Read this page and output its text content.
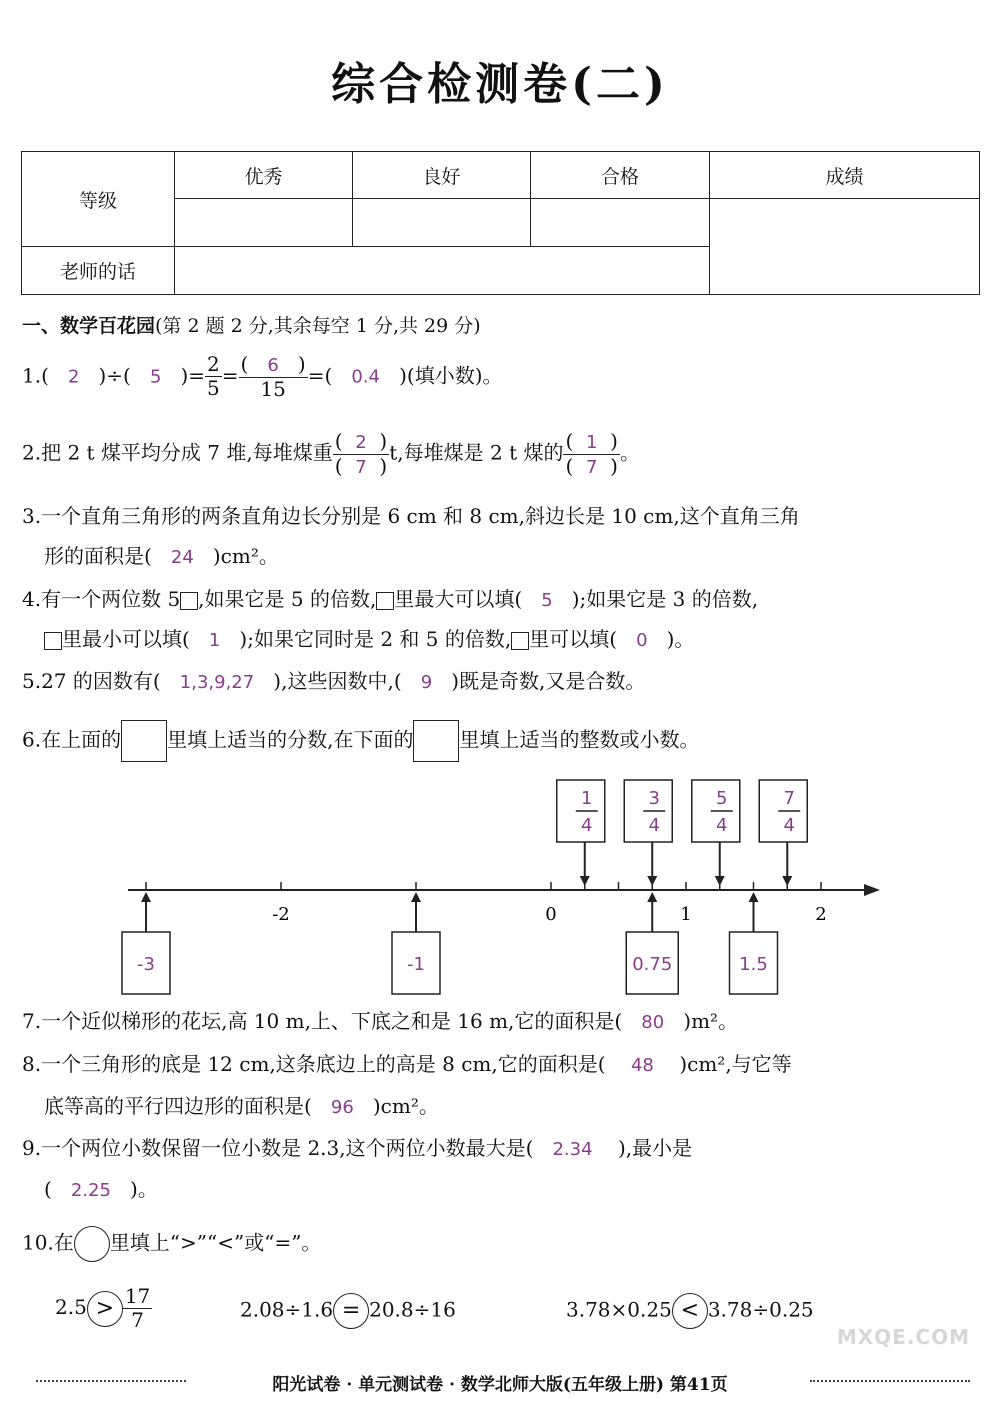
综合检测卷(二)
等级	优秀	良好	合格	成绩

老师的话				
一、数学百花园(第 2 题 2 分,其余每空 1 分,共 29 分)
1.(   2   )÷(   5   )= $\frac{2}{5} = \frac{( 6 )}{15}$ =(   0.4   )(填小数)。
2.把 2 t 煤平均分成 7 堆,每堆煤重 $\frac{( 2 )}{( 7 )} t$,每堆煤是 2 t 煤的 $\frac{( 1 )}{( 7 )}$ 。
3.一个直角三角形的两条直角边长分别是 6 cm 和 8 cm,斜边长是 10 cm,这个直角三角
形的面积是( 24 )cm²。
4.有一个两位数 5 ,如果它是 5 的倍数, 里最大可以填( 5 );如果它是 3 的倍数,
里最小可以填( 1 );如果它同时是 2 和 5 的倍数, 里可以填( 0 )。
5.27 的因数有( 1,3,9,27 ),这些因数中,( 9 )既是奇数,又是合数。
6.在上面的 里填上适当的分数,在下面的 里填上适当的整数或小数。
-2	0	1	2
1
4
3
4
5
4
7
4
-3	-1	0.75	1.5
7.一个近似梯形的花坛,高 10 m,上、下底之和是 16 m,它的面积是( 80 )m²。
8.一个三角形的底是 12 cm,这条底边上的高是 8 cm,它的面积是( 48 )cm²,与它等
底等高的平行四边形的面积是( 96 )cm²。
9.一个两位小数保留一位小数是 2.3,这个两位小数最大是( 2.34 ),最小是
( 2.25 )。
10.在 里填上“>”“<”或“=”。
$2.5 > \frac{17}{7}$	2.08÷1.6 = 20.8÷16	3.78×0.25 < 3.78÷0.25
阳光试卷 · 单元测试卷 · 数学北师大版(五年级上册) 第41页
MXQE.COM
